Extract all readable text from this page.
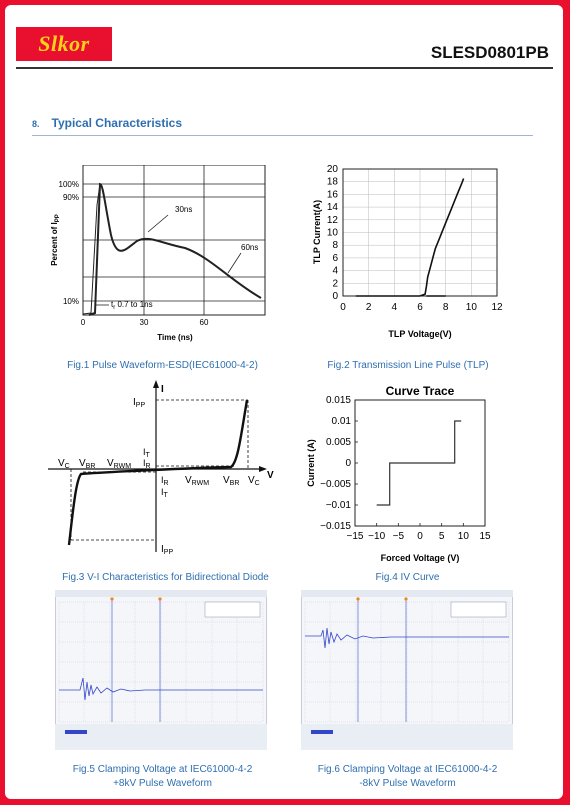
Slkor	SLESD0801PB
8. Typical Characteristics
100%
90%
10%
0	30	60
Time (ns)
Percent of $I_{PP}$
30ns
60ns
$t_r$ 0.7 to 1ns
Fig.1 Pulse Waveform-ESD(IEC61000-4-2)
0
2
4
6
8
10
12
14
16
18
20
0 2 4 6 8 10 12
TLP Voltage(V)
TLP Current(A)
Fig.2 Transmission Line Pulse (TLP)
I
V
$I_{PP}$
$I_{PP}$
$I_T$
$I_R$
$I_R$
$I_T$
$V_C$ $V_{BR}$ $V_{RWM}$
$V_{RWM}$ $V_{BR}$ $V_C$
Fig.3 V-I Characteristics for Bidirectional Diode
Curve Trace
0.015
0.01
0.005
0
−0.005
−0.01
−0.015
−15 −10 −5 0 5 10 15
Forced Voltage (V)
Current (A)
Fig.4 IV Curve
Fig.5 Clamping Voltage at IEC61000-4-2
+8kV Pulse Waveform
Fig.6 Clamping Voltage at IEC61000-4-2
-8kV Pulse Waveform
